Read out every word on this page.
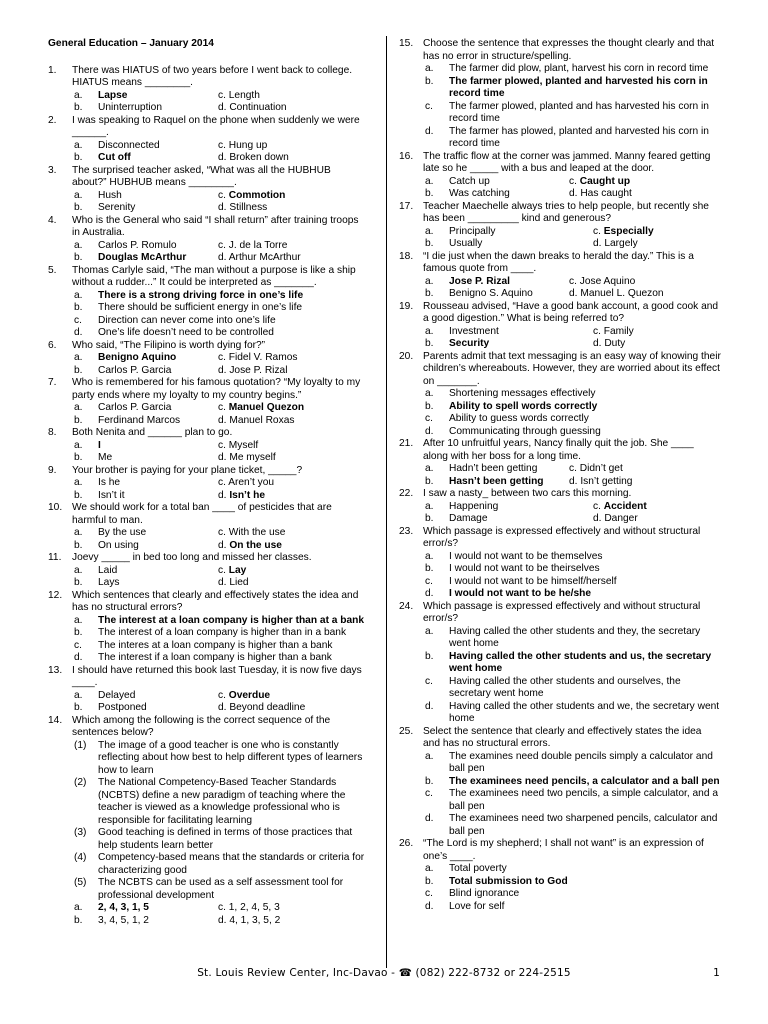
General Education – January 2014
1. There was HIATUS of two years before I went back to college. HIATUS means ________.
a.	Lapse	c. Length
b.	Uninterruption	d. Continuation
2. I was speaking to Raquel on the phone when suddenly we were ______.
a.	Disconnected	c. Hung up
b.	Cut off	d. Broken down
3. The surprised teacher asked, “What was all the HUBHUB about?” HUBHUB means ________.
a.	Hush	c. Commotion
b.	Serenity	d. Stillness
4. Who is the General who said “I shall return” after training troops in Australia.
a.	Carlos P. Romulo	c. J. de la Torre
b.	Douglas McArthur	d. Arthur McArthur
5. Thomas Carlyle said, “The man without a purpose is like a ship without a rudder...” It could be interpreted as _______.
a.	There is a strong driving force in one’s life
b.	There should be sufficient energy in one’s life
c.	Direction can never come into one’s life
d.	One’s life doesn’t need to be controlled
6. Who said, “The Filipino is worth dying for?”
a.	Benigno Aquino	c. Fidel V. Ramos
b.	Carlos P. Garcia	d. Jose P. Rizal
7. Who is remembered for his famous quotation? “My loyalty to my party ends where my loyalty to my country begins.”
a.	Carlos P. Garcia	c. Manuel Quezon
b.	Ferdinand Marcos	d. Manuel Roxas
8. Both Nenita and ______ plan to go.
a.	I	c. Myself
b.	Me	d. Me myself
9. Your brother is paying for your plane ticket, _____?
a.	Is he	c. Aren’t you
b.	Isn’t it	d. Isn’t he
10. We should work for a total ban ____ of pesticides that are harmful to man.
a.	By the use	c. With the use
b.	On using	d. On the use
11. Joevy _____ in bed too long and missed her classes.
a.	Laid	c. Lay
b.	Lays	d. Lied
12. Which sentences that clearly and effectively states the idea and has no structural errors?
a.	The interest at a loan company is higher than at a bank
b.	The interest of a loan company is higher than in a bank
c.	The interes at a loan company is higher than a bank
d.	The interest if a loan company is higher than a bank
13. I should have returned this book last Tuesday, it is now five days ____.
a.	Delayed	c. Overdue
b.	Postponed	d. Beyond deadline
14. Which among the following is the correct sequence of the sentences below?
(1)	The image of a good teacher is one who is constantly reflecting about how best to help different types of learners how to learn
(2)	The National Competency-Based Teacher Standards (NCBTS) define a new paradigm of teaching where the teacher is viewed as a knowledge professional who is responsible for facilitating learning
(3)	Good teaching is defined in terms of those practices that help students learn better
(4)	Competency-based means that the standards or criteria for characterizing good
(5)	The NCBTS can be used as a self assessment tool for professional development
a.	2, 4, 3, 1, 5	c. 1, 2, 4, 5, 3
b.	3, 4, 5, 1, 2	d. 4, 1, 3, 5, 2
15. Choose the sentence that expresses the thought clearly and that has no error in structure/spelling.
a.	The farmer did plow, plant, harvest his corn in record time
b.	The farmer plowed, planted and harvested his corn in record time
c.	The farmer plowed, planted and has harvested his corn in record time
d.	The farmer has plowed, planted and harvested his corn in record time
16. The traffic flow at the corner was jammed. Manny feared getting late so he _____ with a bus and leaped at the door.
a.	Catch up	c. Caught up
b.	Was catching	d. Has caught
17. Teacher Maechelle always tries to help people, but recently she has been _________ kind and generous?
a.	Principally	c. Especially
b.	Usually	d. Largely
18. “I die just when the dawn breaks to herald the day.” This is a famous quote from ____.
a.	Jose P. Rizal	c. Jose Aquino
b.	Benigno S. Aquino	d. Manuel L. Quezon
19. Rousseau advised, “Have a good bank account, a good cook and a good digestion.” What is being referred to?
a.	Investment	c. Family
b.	Security	d. Duty
20. Parents admit that text messaging is an easy way of knowing their children’s whereabouts. However, they are worried about its effect on _______.
a.	Shortening messages effectively
b.	Ability to spell words correctly
c.	Ability to guess words correctly
d.	Communicating through guessing
21. After 10 unfruitful years, Nancy finally quit the job. She ____ along with her boss for a long time.
a.	Hadn’t been getting	c. Didn’t get
b.	Hasn’t been getting	d. Isn’t getting
22. I saw a nasty_ between two cars this morning.
a.	Happening	c. Accident
b.	Damage	d. Danger
23. Which passage is expressed effectively and without structural error/s?
a.	I would not want to be themselves
b.	I would not want to be theirselves
c.	I would not want to be himself/herself
d.	I would not want to be he/she
24. Which passage is expressed effectively and without structural error/s?
a.	Having called the other students and they, the secretary went home
b.	Having called the other students and us, the secretary went home
c.	Having called the other students and ourselves, the secretary went home
d.	Having called the other students and we, the secretary went home
25. Select the sentence that clearly and effectively states the idea and has no structural errors.
a.	The examines need double pencils simply a calculator and ball pen
b.	The examinees need pencils, a calculator and a ball pen
c.	The examinees need two pencils, a simple calculator, and a ball pen
d.	The examinees need two sharpened pencils, calculator and ball pen
26. “The Lord is my shepherd; I shall not want” is an expression of one’s ____.
a.	Total poverty
b.	Total submission to God
c.	Blind ignorance
d.	Love for self
St. Louis Review Center, Inc-Davao - ☎ (082) 222-8732 or 224-2515	1
